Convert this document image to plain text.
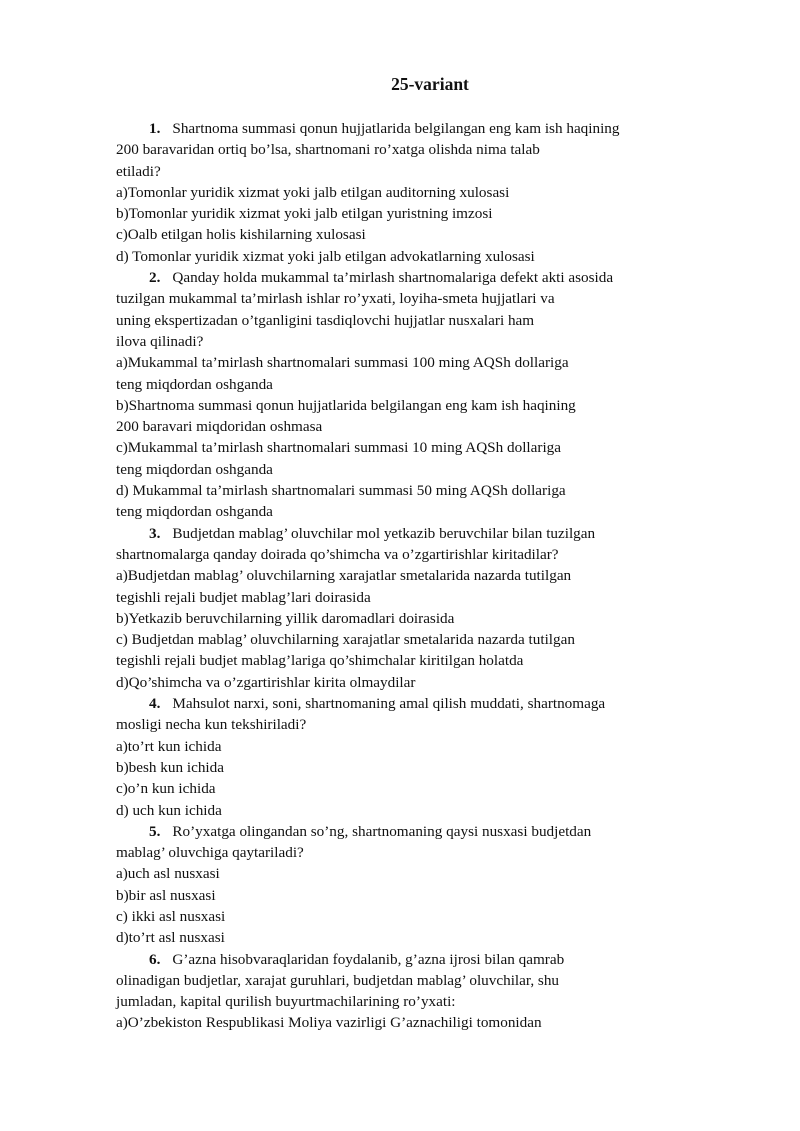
25-variant
1. Shartnoma summasi qonun hujjatlarida belgilangan eng kam ish haqining
200 baravaridan ortiq bo’lsa, shartnomani ro’xatga olishda nima talab
etiladi?
a)Tomonlar yuridik xizmat yoki jalb etilgan auditorning xulosasi
b)Tomonlar yuridik xizmat yoki jalb etilgan yuristning imzosi
c)Oalb etilgan holis kishilarning xulosasi
d) Tomonlar yuridik xizmat yoki jalb etilgan advokatlarning xulosasi
2. Qanday holda mukammal ta’mirlash shartnomalariga defekt akti asosida
tuzilgan mukammal ta’mirlash ishlar ro’yxati, loyiha-smeta hujjatlari va
uning ekspertizadan o’tganligini tasdiqlovchi hujjatlar nusxalari ham
ilova qilinadi?
a)Mukammal ta’mirlash shartnomalari summasi 100 ming AQSh dollariga
teng miqdordan oshganda
b)Shartnoma summasi qonun hujjatlarida belgilangan eng kam ish haqining
200 baravari miqdoridan oshmasa
c)Mukammal ta’mirlash shartnomalari summasi 10 ming AQSh dollariga
teng miqdordan oshganda
d) Mukammal ta’mirlash shartnomalari summasi 50 ming AQSh dollariga
teng miqdordan oshganda
3. Budjetdan mablag’ oluvchilar mol yetkazib beruvchilar bilan tuzilgan
shartnomalarga qanday doirada qo’shimcha va o’zgartirishlar kiritadilar?
a)Budjetdan mablag’ oluvchilarning xarajatlar smetalarida nazarda tutilgan
tegishli rejali budjet mablag’lari doirasida
b)Yetkazib beruvchilarning yillik daromadlari doirasida
c) Budjetdan mablag’ oluvchilarning xarajatlar smetalarida nazarda tutilgan
tegishli rejali budjet mablag’lariga qo’shimchalar kiritilgan holatda
d)Qo’shimcha va o’zgartirishlar kirita olmaydilar
4. Mahsulot narxi, soni, shartnomaning amal qilish muddati, shartnomaga
mosligi necha kun tekshiriladi?
a)to’rt kun ichida
b)besh kun ichida
c)o’n kun ichida
d) uch kun ichida
5. Ro’yxatga olingandan so’ng, shartnomaning qaysi nusxasi budjetdan
mablag’ oluvchiga qaytariladi?
a)uch asl nusxasi
b)bir asl nusxasi
c) ikki asl nusxasi
d)to’rt asl nusxasi
6. G’azna hisobvaraqlaridan foydalanib, g’azna ijrosi bilan qamrab
olinadigan budjetlar, xarajat guruhlari, budjetdan mablag’ oluvchilar, shu
jumladan, kapital qurilish buyurtmachilarining ro’yxati:
a)O’zbekiston Respublikasi Moliya vazirligi G’aznachiligi tomonidan
